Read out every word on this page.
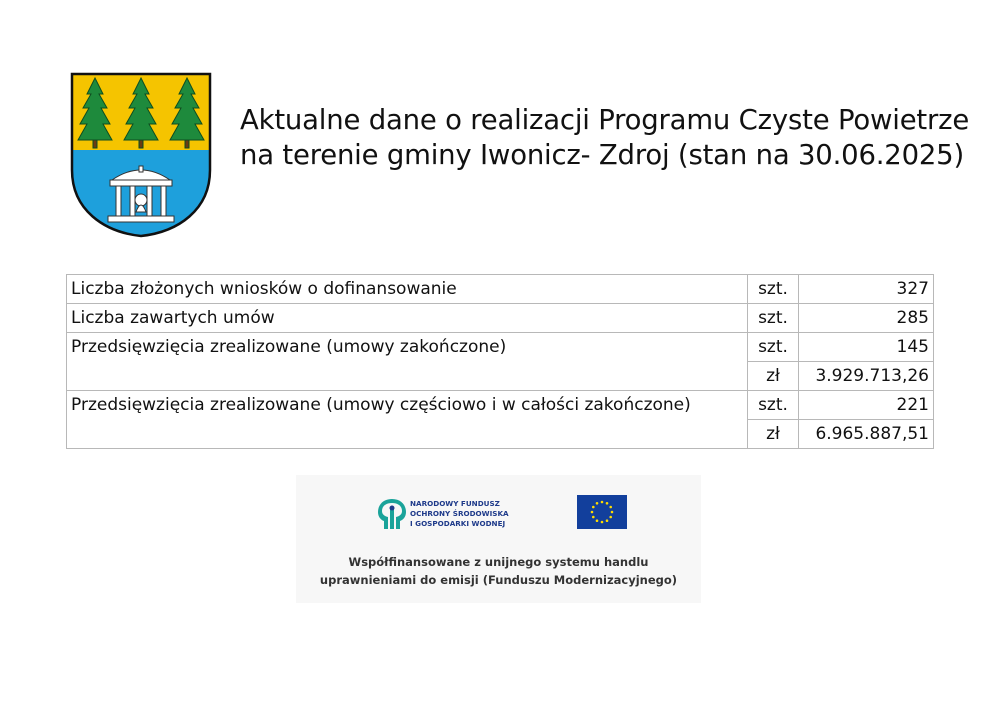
Aktualne dane o realizacji Programu Czyste Powietrze
na terenie gminy Iwonicz- Zdroj (stan na 30.06.2025)
Liczba złożonych wniosków o dofinansowanie	szt.	327
Liczba zawartych umów	szt.	285
Przedsięwzięcia zrealizowane (umowy zakończone)	szt.	145
	zł	3.929.713,26
Przedsięwzięcia zrealizowane (umowy częściowo i w całości zakończone)	szt.	221
	zł	6.965.887,51
NARODOWY FUNDUSZ
OCHRONY ŚRODOWISKA
I GOSPODARKI WODNEJ
Współfinansowane z unijnego systemu handlu
uprawnieniami do emisji (Funduszu Modernizacyjnego)
